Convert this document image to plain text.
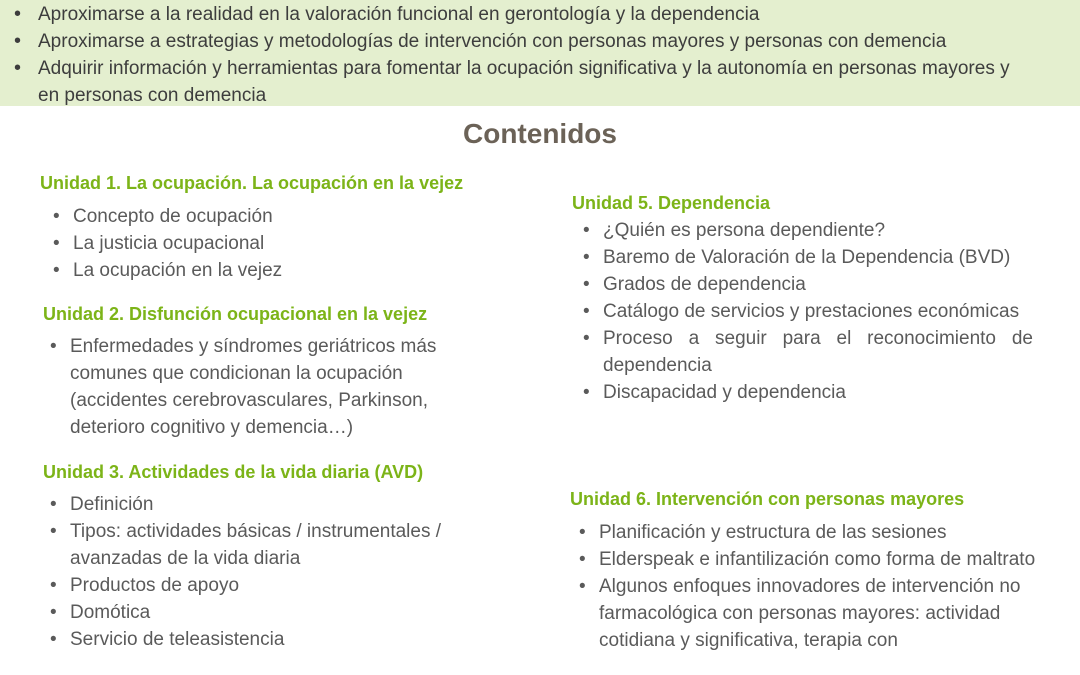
• Aproximarse a la realidad en la valoración funcional en gerontología y la dependencia
• Aproximarse a estrategias y metodologías de intervención con personas mayores y personas con demencia
• Adquirir información y herramientas para fomentar la ocupación significativa y la autonomía en personas mayores y en personas con demencia
Contenidos
Unidad 1. La ocupación. La ocupación en la vejez
• Concepto de ocupación
• La justicia ocupacional
• La ocupación en la vejez
Unidad 2. Disfunción ocupacional en la vejez
• Enfermedades y síndromes geriátricos más comunes que condicionan la ocupación (accidentes cerebrovasculares, Parkinson, deterioro cognitivo y demencia…)
Unidad 3. Actividades de la vida diaria (AVD)
• Definición
• Tipos: actividades básicas / instrumentales / avanzadas de la vida diaria
• Productos de apoyo
• Domótica
• Servicio de teleasistencia
Unidad 5. Dependencia
• ¿Quién es persona dependiente?
• Baremo de Valoración de la Dependencia (BVD)
• Grados de dependencia
• Catálogo de servicios y prestaciones económicas
• Proceso a seguir para el reconocimiento de dependencia
• Discapacidad y dependencia
Unidad 6. Intervención con personas mayores
• Planificación y estructura de las sesiones
• Elderspeak e infantilización como forma de maltrato
• Algunos enfoques innovadores de intervención no farmacológica con personas mayores: actividad cotidiana y significativa, terapia con
